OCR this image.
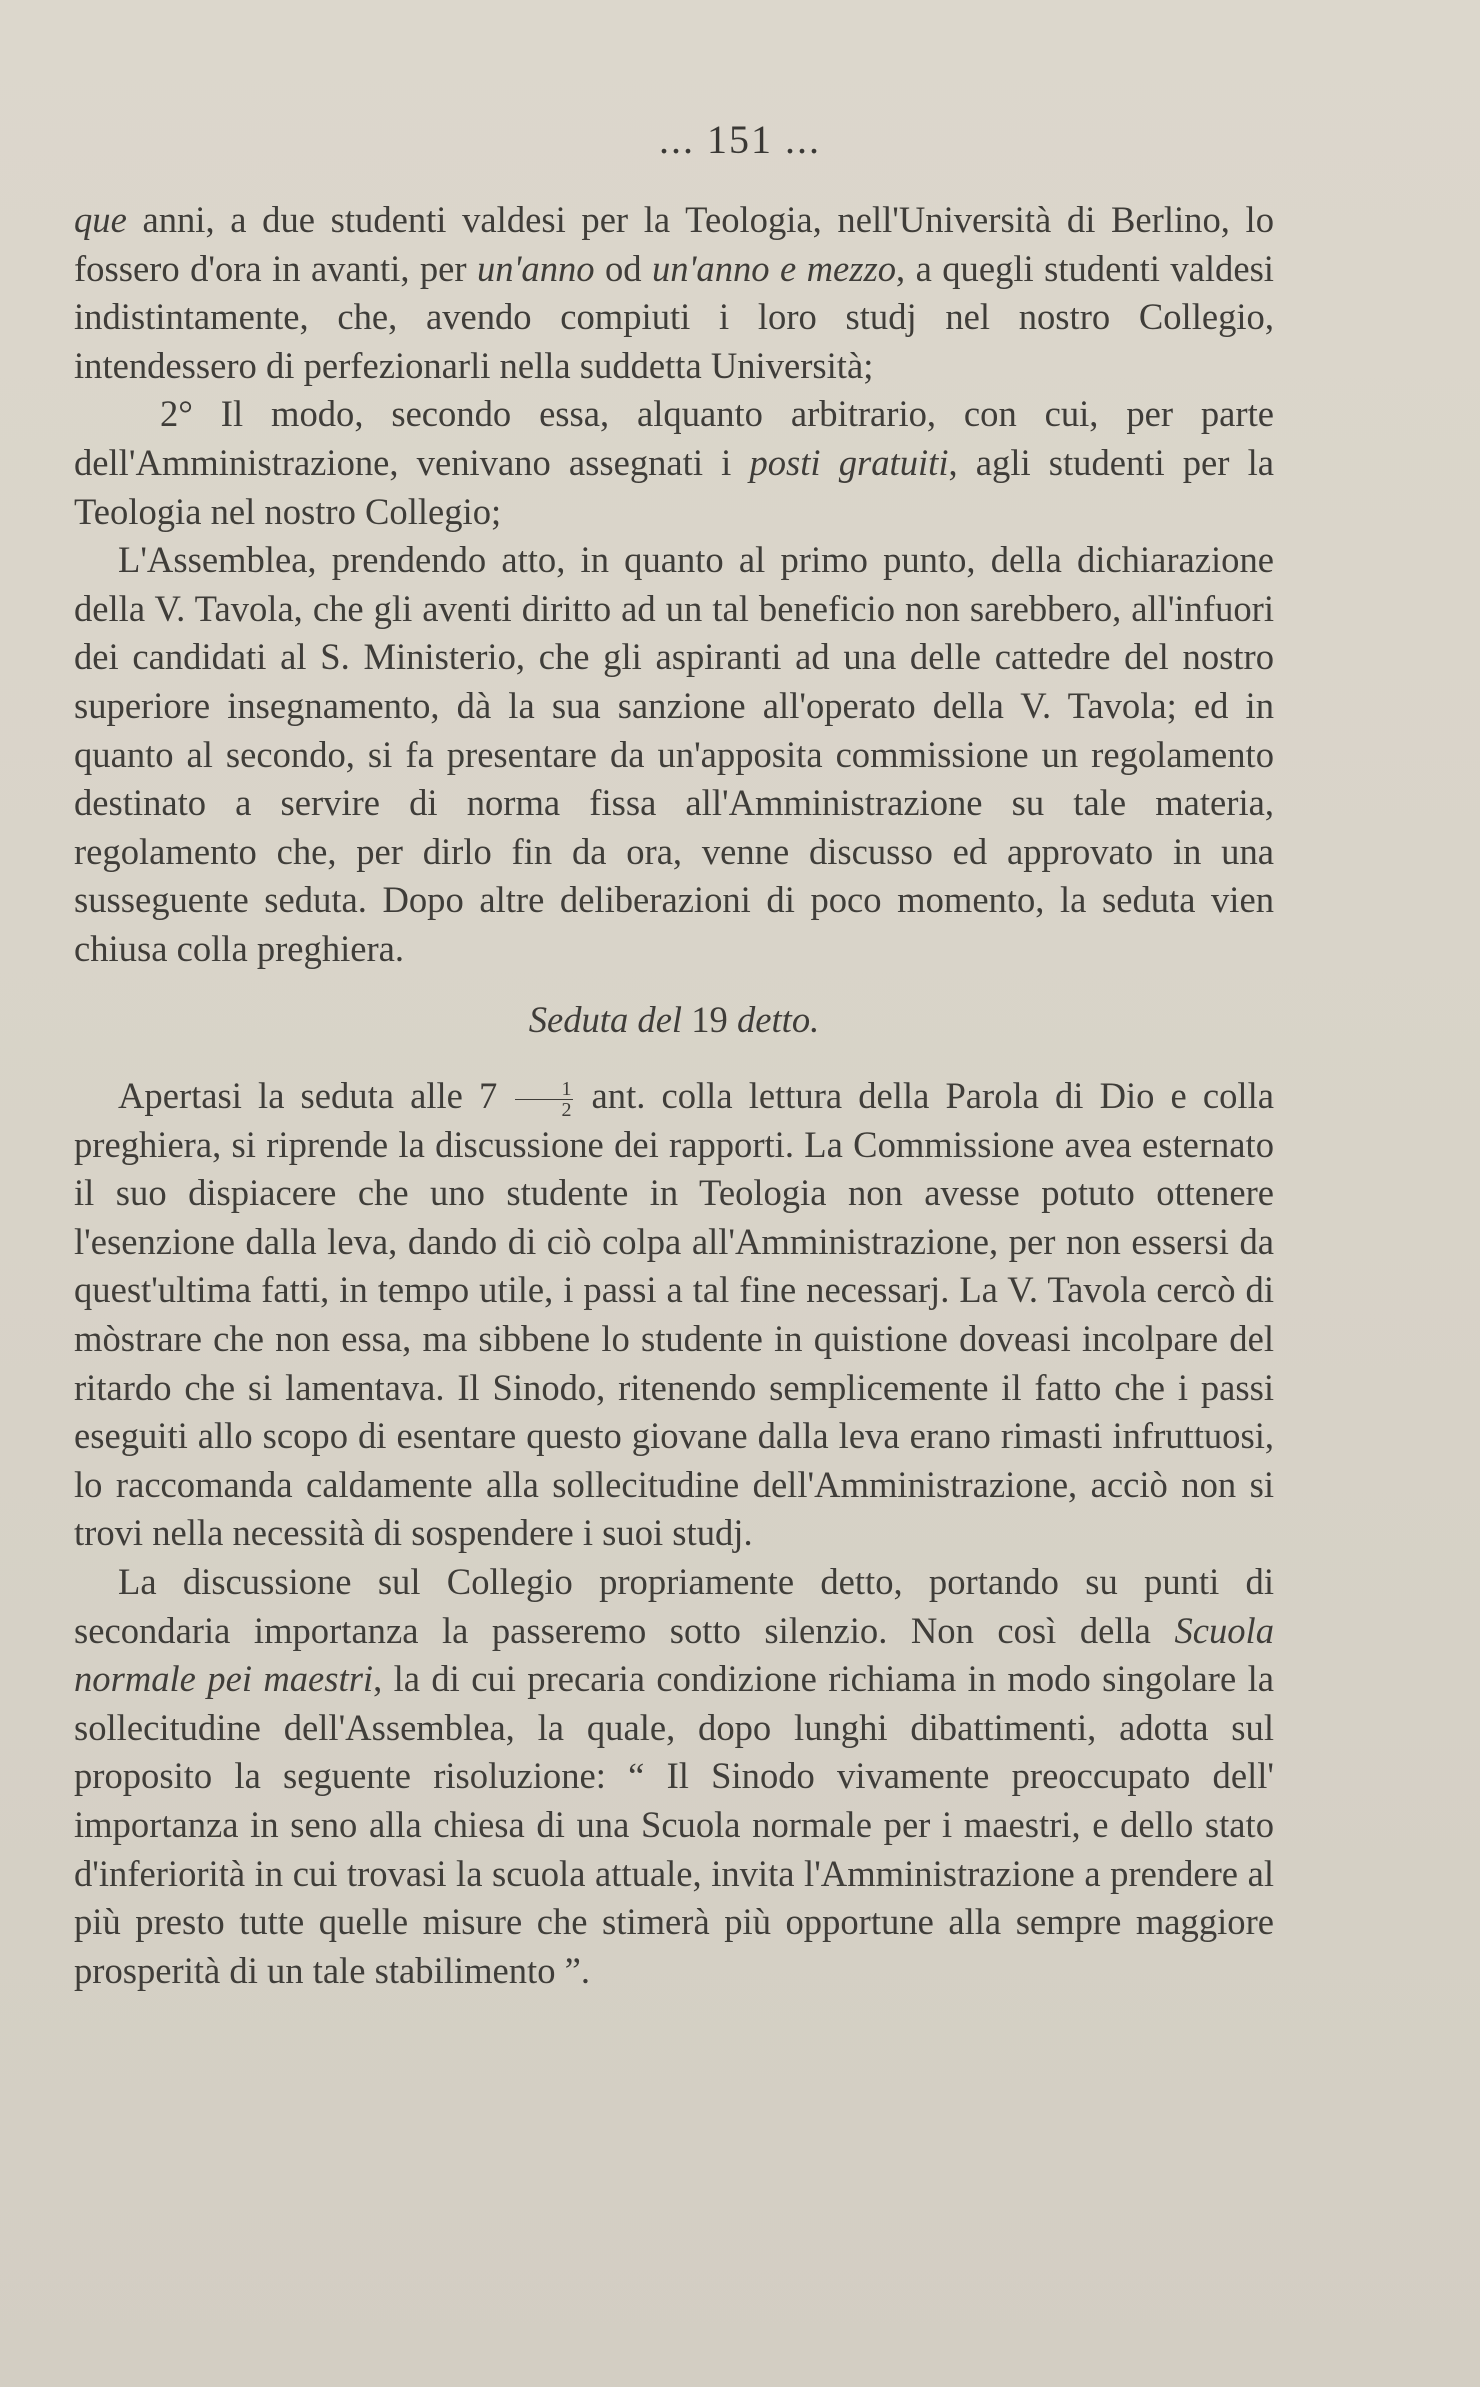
... 151 ...

que anni, a due studenti valdesi per la Teologia, nell'Università di Berlino, lo fossero d'ora in avanti, per un'anno od un'anno e mezzo, a quegli studenti valdesi indistintamente, che, avendo compiuti i loro studj nel nostro Collegio, intendessero di perfezionarli nella suddetta Università;

2° Il modo, secondo essa, alquanto arbitrario, con cui, per parte dell'Amministrazione, venivano assegnati i posti gratuiti, agli studenti per la Teologia nel nostro Collegio;

L'Assemblea, prendendo atto, in quanto al primo punto, della dichiarazione della V. Tavola, che gli aventi diritto ad un tal beneficio non sarebbero, all'infuori dei candidati al S. Ministerio, che gli aspiranti ad una delle cattedre del nostro superiore insegnamento, dà la sua sanzione all'operato della V. Tavola; ed in quanto al secondo, si fa presentare da un'apposita commissione un regolamento destinato a servire di norma fissa all'Amministrazione su tale materia, regolamento che, per dirlo fin da ora, venne discusso ed approvato in una susseguente seduta. Dopo altre deliberazioni di poco momento, la seduta vien chiusa colla preghiera.

Seduta del 19 detto.

Apertasi la seduta alle $7 \frac{1}{2}$ ant. colla lettura della Parola di Dio e colla preghiera, si riprende la discussione dei rapporti. La Commissione avea esternato il suo dispiacere che uno studente in Teologia non avesse potuto ottenere l'esenzione dalla leva, dando di ciò colpa all'Amministrazione, per non essersi da quest'ultima fatti, in tempo utile, i passi a tal fine necessarj. La V. Tavola cercò di mòstrare che non essa, ma sibbene lo studente in quistione doveasi incolpare del ritardo che si lamentava. Il Sinodo, ritenendo semplicemente il fatto che i passi eseguiti allo scopo di esentare questo giovane dalla leva erano rimasti infruttuosi, lo raccomanda caldamente alla sollecitudine dell'Amministrazione, acciò non si trovi nella necessità di sospendere i suoi studj.

La discussione sul Collegio propriamente detto, portando su punti di secondaria importanza la passeremo sotto silenzio. Non così della Scuola normale pei maestri, la di cui precaria condizione richiama in modo singolare la sollecitudine dell'Assemblea, la quale, dopo lunghi dibattimenti, adotta sul proposito la seguente risoluzione: “ Il Sinodo vivamente preoccupato dell' importanza in seno alla chiesa di una Scuola normale per i maestri, e dello stato d'inferiorità in cui trovasi la scuola attuale, invita l'Amministrazione a prendere al più presto tutte quelle misure che stimerà più opportune alla sempre maggiore prosperità di un tale stabilimento ”.
